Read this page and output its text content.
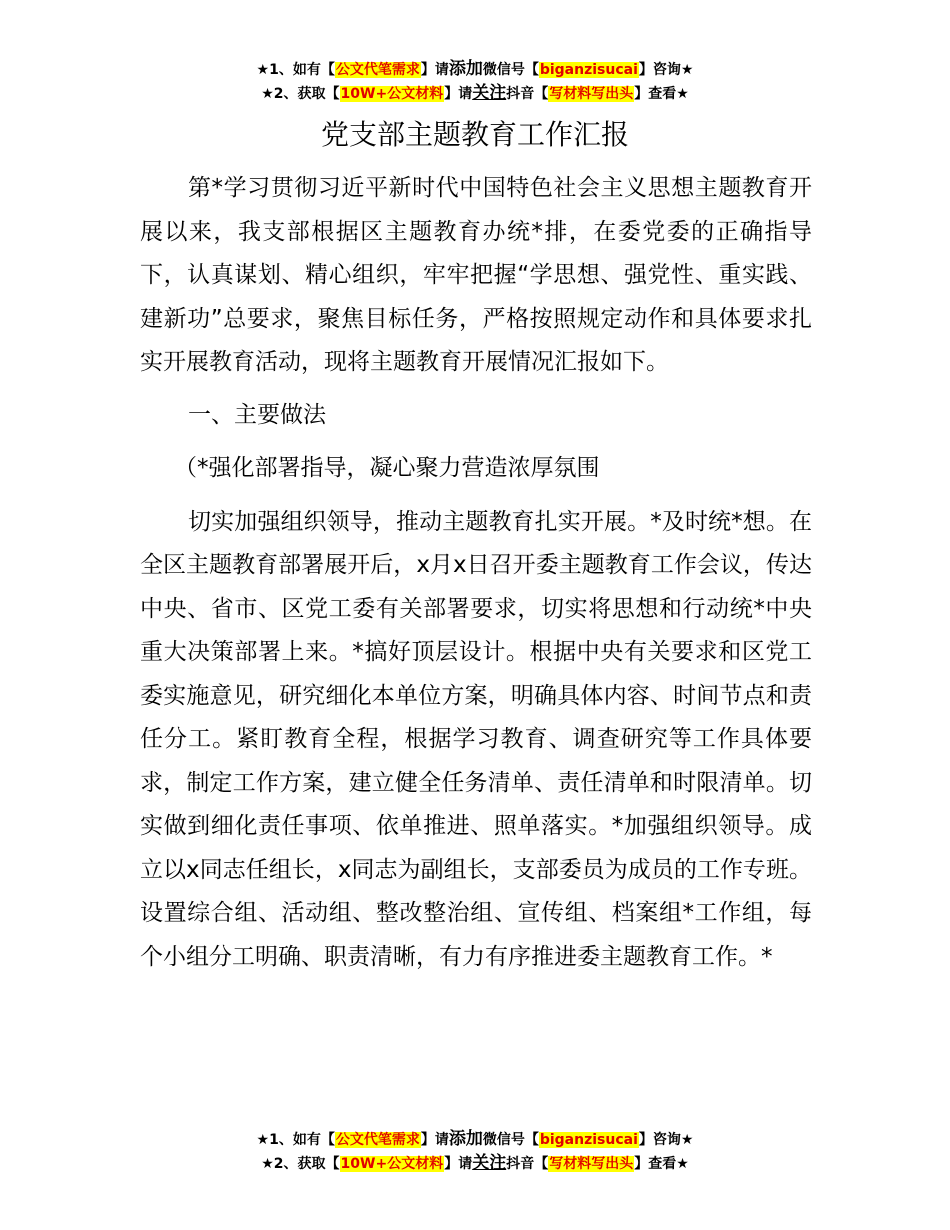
★1、如有【公文代笔需求】请添加微信号【biganzisucai】咨询★
★2、获取【10W+公文材料】请关注抖音【写材料写出头】查看★
党支部主题教育工作汇报

第*学习贯彻习近平新时代中国特色社会主义思想主题教育开展以来，我支部根据区主题教育办统*排，在委党委的正确指导下，认真谋划、精心组织，牢牢把握“学思想、强党性、重实践、建新功”总要求，聚焦目标任务，严格按照规定动作和具体要求扎实开展教育活动，现将主题教育开展情况汇报如下。

一、主要做法

（*强化部署指导，凝心聚力营造浓厚氛围

切实加强组织领导，推动主题教育扎实开展。*及时统*想。在全区主题教育部署展开后，x月x日召开委主题教育工作会议，传达中央、省市、区党工委有关部署要求，切实将思想和行动统*中央重大决策部署上来。*搞好顶层设计。根据中央有关要求和区党工委实施意见，研究细化本单位方案，明确具体内容、时间节点和责任分工。紧盯教育全程，根据学习教育、调查研究等工作具体要求，制定工作方案，建立健全任务清单、责任清单和时限清单。切实做到细化责任事项、依单推进、照单落实。*加强组织领导。成立以x同志任组长，x同志为副组长，支部委员为成员的工作专班。设置综合组、活动组、整改整治组、宣传组、档案组*工作组，每个小组分工明确、职责清晰，有力有序推进委主题教育工作。*

★1、如有【公文代笔需求】请添加微信号【biganzisucai】咨询★
★2、获取【10W+公文材料】请关注抖音【写材料写出头】查看★
